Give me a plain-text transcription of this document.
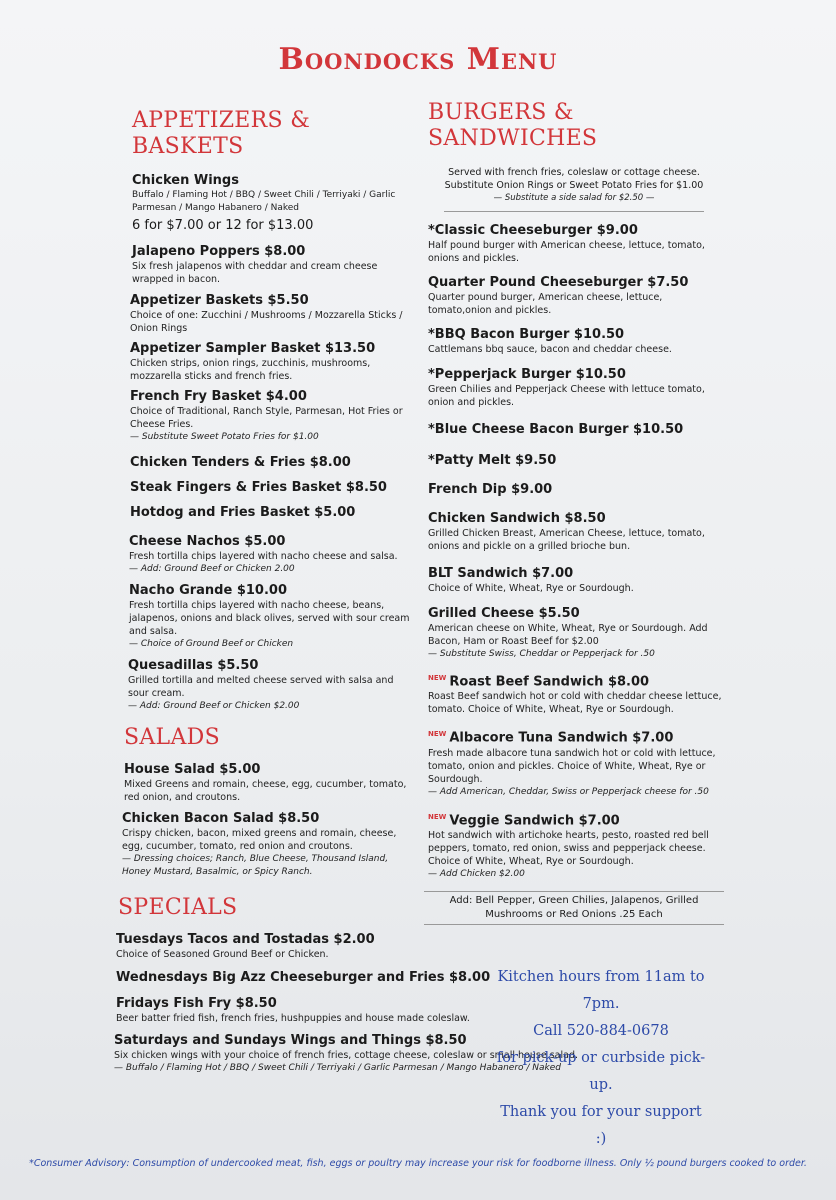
Boondocks Menu
APPETIZERS & BASKETS
Chicken Wings
Buffalo / Flaming Hot / BBQ / Sweet Chili / Terriyaki / Garlic Parmesan / Mango Habanero / Naked
6 for $7.00 or 12 for $13.00
Jalapeno Poppers $8.00
Six fresh jalapenos with cheddar and cream cheese wrapped in bacon.
Appetizer Baskets $5.50
Choice of one: Zucchini / Mushrooms / Mozzarella Sticks / Onion Rings
Appetizer Sampler Basket $13.50
Chicken strips, onion rings, zucchinis, mushrooms, mozzarella sticks and french fries.
French Fry Basket $4.00
Choice of Traditional, Ranch Style, Parmesan, Hot Fries or Cheese Fries.
— Substitute Sweet Potato Fries for $1.00
Chicken Tenders & Fries $8.00
Steak Fingers & Fries Basket $8.50
Hotdog and Fries Basket $5.00
Cheese Nachos $5.00
Fresh tortilla chips layered with nacho cheese and salsa.
— Add: Ground Beef or Chicken 2.00
Nacho Grande $10.00
Fresh tortilla chips layered with nacho cheese, beans, jalapenos, onions and black olives, served with sour cream and salsa.
— Choice of Ground Beef or Chicken
Quesadillas $5.50
Grilled tortilla and melted cheese served with salsa and sour cream.
— Add: Ground Beef or Chicken $2.00
SALADS
House Salad $5.00
Mixed Greens and romain, cheese, egg, cucumber, tomato, red onion, and croutons.
Chicken Bacon Salad $8.50
Crispy chicken, bacon, mixed greens and romain, cheese, egg, cucumber, tomato, red onion and croutons.
— Dressing choices; Ranch, Blue Cheese, Thousand Island, Honey Mustard, Basalmic, or Spicy Ranch.
SPECIALS
Tuesdays Tacos and Tostadas $2.00
Choice of Seasoned Ground Beef or Chicken.
Wednesdays Big Azz Cheeseburger and Fries $8.00
Fridays Fish Fry $8.50
Beer batter fried fish, french fries, hushpuppies and house made coleslaw.
Saturdays and Sundays Wings and Things $8.50
Six chicken wings with your choice of french fries, cottage cheese, coleslaw or small house salad.
— Buffalo / Flaming Hot / BBQ / Sweet Chili / Terriyaki / Garlic Parmesan / Mango Habanero / Naked
BURGERS & SANDWICHES
Served with french fries, coleslaw or cottage cheese.
Substitute Onion Rings or Sweet Potato Fries for $1.00
— Substitute a side salad for $2.50 —
*Classic Cheeseburger $9.00
Half pound burger with American cheese, lettuce, tomato, onions and pickles.
Quarter Pound Cheeseburger $7.50
Quarter pound burger, American cheese, lettuce, tomato,onion and pickles.
*BBQ Bacon Burger $10.50
Cattlemans bbq sauce, bacon and cheddar cheese.
*Pepperjack Burger $10.50
Green Chilies and Pepperjack Cheese with lettuce tomato, onion and pickles.
*Blue Cheese Bacon Burger $10.50
*Patty Melt $9.50
French Dip $9.00
Chicken Sandwich $8.50
Grilled Chicken Breast, American Cheese, lettuce, tomato, onions and pickle on a grilled brioche bun.
BLT Sandwich $7.00
Choice of White, Wheat, Rye or Sourdough.
Grilled Cheese $5.50
American cheese on White, Wheat, Rye or Sourdough. Add Bacon, Ham or Roast Beef for $2.00
— Substitute Swiss, Cheddar or Pepperjack for .50
$^{NEW}$ Roast Beef Sandwich $8.00
Roast Beef sandwich hot or cold with cheddar cheese lettuce, tomato. Choice of White, Wheat, Rye or Sourdough.
$^{NEW}$ Albacore Tuna Sandwich $7.00
Fresh made albacore tuna sandwich hot or cold with lettuce, tomato, onion and pickles. Choice of White, Wheat, Rye or Sourdough.
— Add American, Cheddar, Swiss or Pepperjack cheese for .50
$^{NEW}$ Veggie Sandwich $7.00
Hot sandwich with artichoke hearts, pesto, roasted red bell peppers, tomato, red onion, swiss and pepperjack cheese. Choice of White, Wheat, Rye or Sourdough.
— Add Chicken $2.00
Add: Bell Pepper, Green Chilies, Jalapenos, Grilled Mushrooms or Red Onions .25 Each
Kitchen hours from 11am to 7pm.
Call 520-884-0678
for pick-up or curbside pick-up.
Thank you for your support :)
*Consumer Advisory: Consumption of undercooked meat, fish, eggs or poultry may increase your risk for foodborne illness. Only ½ pound burgers cooked to order.
